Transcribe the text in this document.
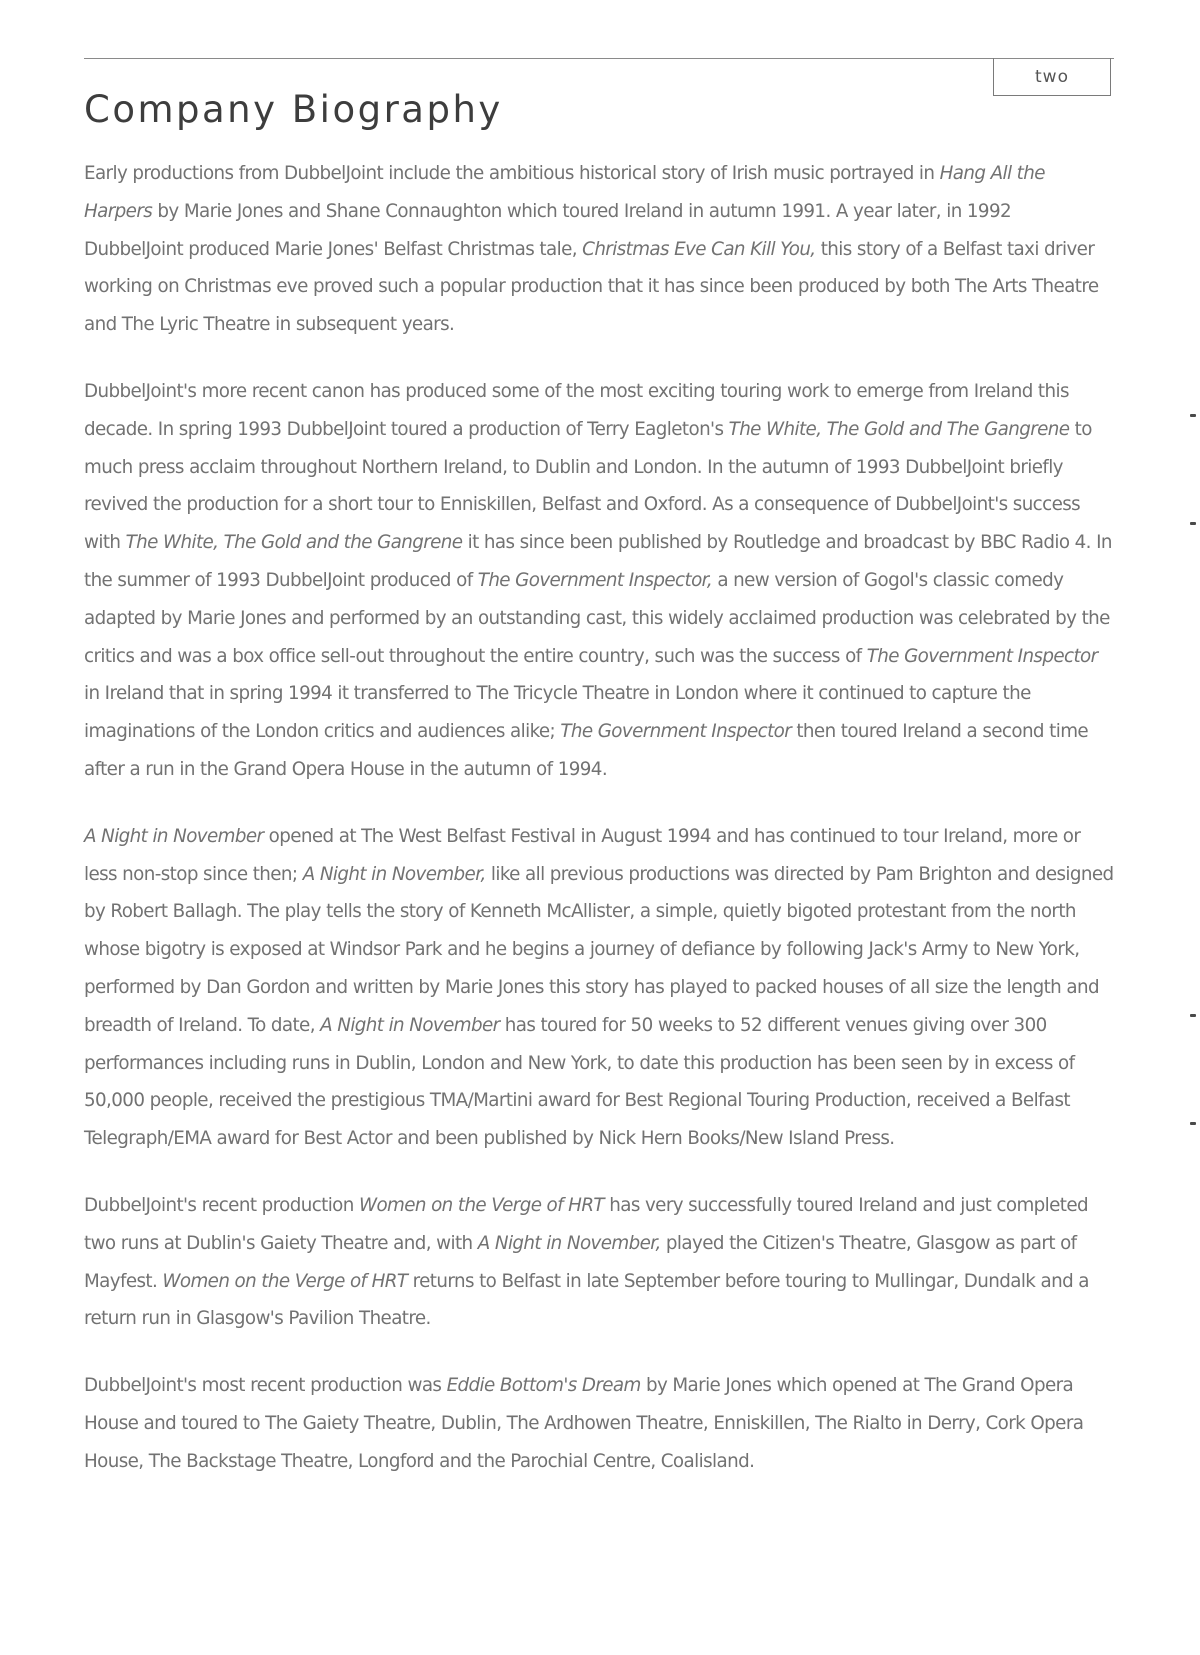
Company Biography
two

Early productions from DubbelJoint include the ambitious historical story of Irish music portrayed in Hang All the Harpers by Marie Jones and Shane Connaughton which toured Ireland in autumn 1991. A year later, in 1992 DubbelJoint produced Marie Jones' Belfast Christmas tale, Christmas Eve Can Kill You, this story of a Belfast taxi driver working on Christmas eve proved such a popular production that it has since been produced by both The Arts Theatre and The Lyric Theatre in subsequent years.

DubbelJoint's more recent canon has produced some of the most exciting touring work to emerge from Ireland this decade. In spring 1993 DubbelJoint toured a production of Terry Eagleton's The White, The Gold and The Gangrene to much press acclaim throughout Northern Ireland, to Dublin and London. In the autumn of 1993 DubbelJoint briefly revived the production for a short tour to Enniskillen, Belfast and Oxford. As a consequence of DubbelJoint's success with The White, The Gold and the Gangrene it has since been published by Routledge and broadcast by BBC Radio 4. In the summer of 1993 DubbelJoint produced of The Government Inspector, a new version of Gogol's classic comedy adapted by Marie Jones and performed by an outstanding cast, this widely acclaimed production was celebrated by the critics and was a box office sell-out throughout the entire country, such was the success of The Government Inspector in Ireland that in spring 1994 it transferred to The Tricycle Theatre in London where it continued to capture the imaginations of the London critics and audiences alike; The Government Inspector then toured Ireland a second time after a run in the Grand Opera House in the autumn of 1994.

A Night in November opened at The West Belfast Festival in August 1994 and has continued to tour Ireland, more or less non-stop since then; A Night in November, like all previous productions was directed by Pam Brighton and designed by Robert Ballagh. The play tells the story of Kenneth McAllister, a simple, quietly bigoted protestant from the north whose bigotry is exposed at Windsor Park and he begins a journey of defiance by following Jack's Army to New York, performed by Dan Gordon and written by Marie Jones this story has played to packed houses of all size the length and breadth of Ireland. To date, A Night in November has toured for 50 weeks to 52 different venues giving over 300 performances including runs in Dublin, London and New York, to date this production has been seen by in excess of 50,000 people, received the prestigious TMA/Martini award for Best Regional Touring Production, received a Belfast Telegraph/EMA award for Best Actor and been published by Nick Hern Books/New Island Press.

DubbelJoint's recent production Women on the Verge of HRT has very successfully toured Ireland and just completed two runs at Dublin's Gaiety Theatre and, with A Night in November, played the Citizen's Theatre, Glasgow as part of Mayfest. Women on the Verge of HRT returns to Belfast in late September before touring to Mullingar, Dundalk and a return run in Glasgow's Pavilion Theatre.

DubbelJoint's most recent production was Eddie Bottom's Dream by Marie Jones which opened at The Grand Opera House and toured to The Gaiety Theatre, Dublin, The Ardhowen Theatre, Enniskillen, The Rialto in Derry, Cork Opera House, The Backstage Theatre, Longford and the Parochial Centre, Coalisland.
